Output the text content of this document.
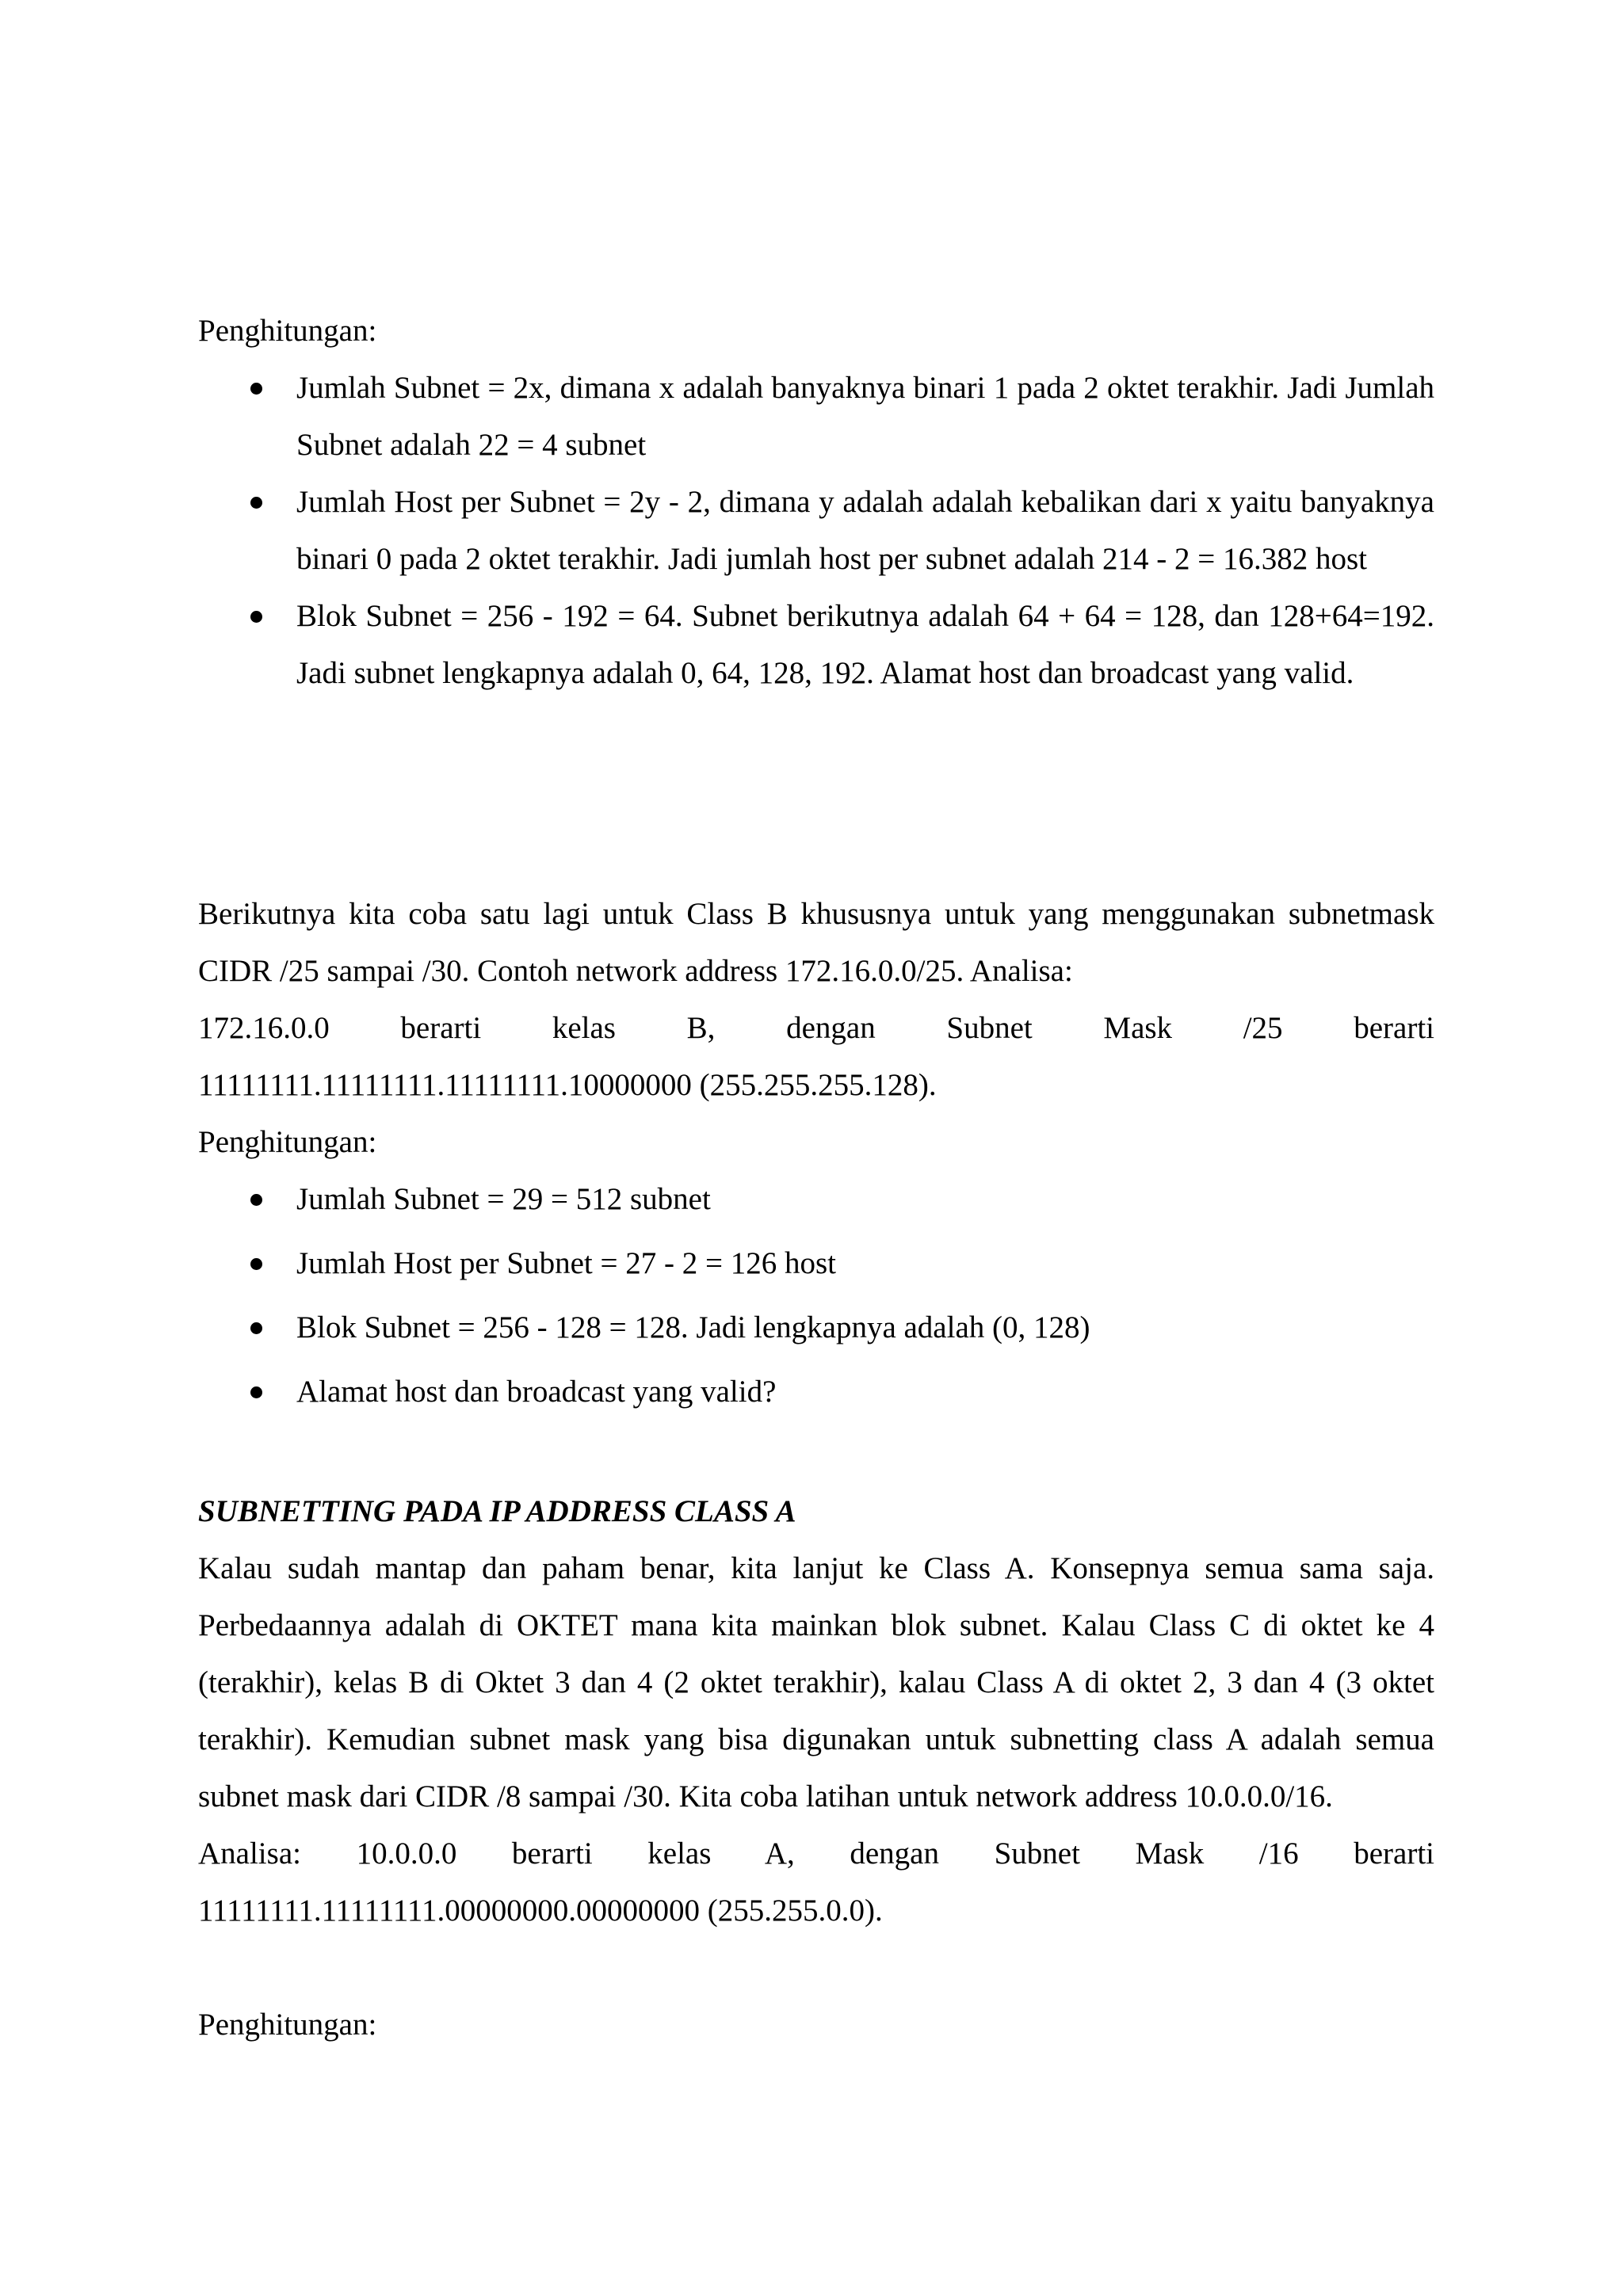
Penghitungan:

Jumlah Subnet = 2x, dimana x adalah banyaknya binari 1 pada 2 oktet terakhir. Jadi Jumlah Subnet adalah 22 = 4 subnet
Jumlah Host per Subnet = 2y - 2, dimana y adalah adalah kebalikan dari x yaitu banyaknya binari 0 pada 2 oktet terakhir. Jadi jumlah host per subnet adalah 214 - 2 = 16.382 host
Blok Subnet = 256 - 192 = 64. Subnet berikutnya adalah 64 + 64 = 128, dan 128+64=192. Jadi subnet lengkapnya adalah 0, 64, 128, 192. Alamat host dan broadcast yang valid.

Berikutnya kita coba satu lagi untuk Class B khususnya untuk yang menggunakan subnetmask CIDR /25 sampai /30. Contoh network address 172.16.0.0/25. Analisa:

172.16.0.0 berarti kelas B, dengan Subnet Mask /25 berarti

11111111.11111111.11111111.10000000 (255.255.255.128).

Penghitungan:

Jumlah Subnet = 29 = 512 subnet
Jumlah Host per Subnet = 27 - 2 = 126 host
Blok Subnet = 256 - 128 = 128. Jadi lengkapnya adalah (0, 128)
Alamat host dan broadcast yang valid?

SUBNETTING PADA IP ADDRESS CLASS A

Kalau sudah mantap dan paham benar, kita lanjut ke Class A. Konsepnya semua sama saja. Perbedaannya adalah di OKTET mana kita mainkan blok subnet. Kalau Class C di oktet ke 4 (terakhir), kelas B di Oktet 3 dan 4 (2 oktet terakhir), kalau Class A di oktet 2, 3 dan 4 (3 oktet terakhir). Kemudian subnet mask yang bisa digunakan untuk subnetting class A adalah semua subnet mask dari CIDR /8 sampai /30. Kita coba latihan untuk network address 10.0.0.0/16.

Analisa: 10.0.0.0 berarti kelas A, dengan Subnet Mask /16 berarti

11111111.11111111.00000000.00000000 (255.255.0.0).

Penghitungan:
